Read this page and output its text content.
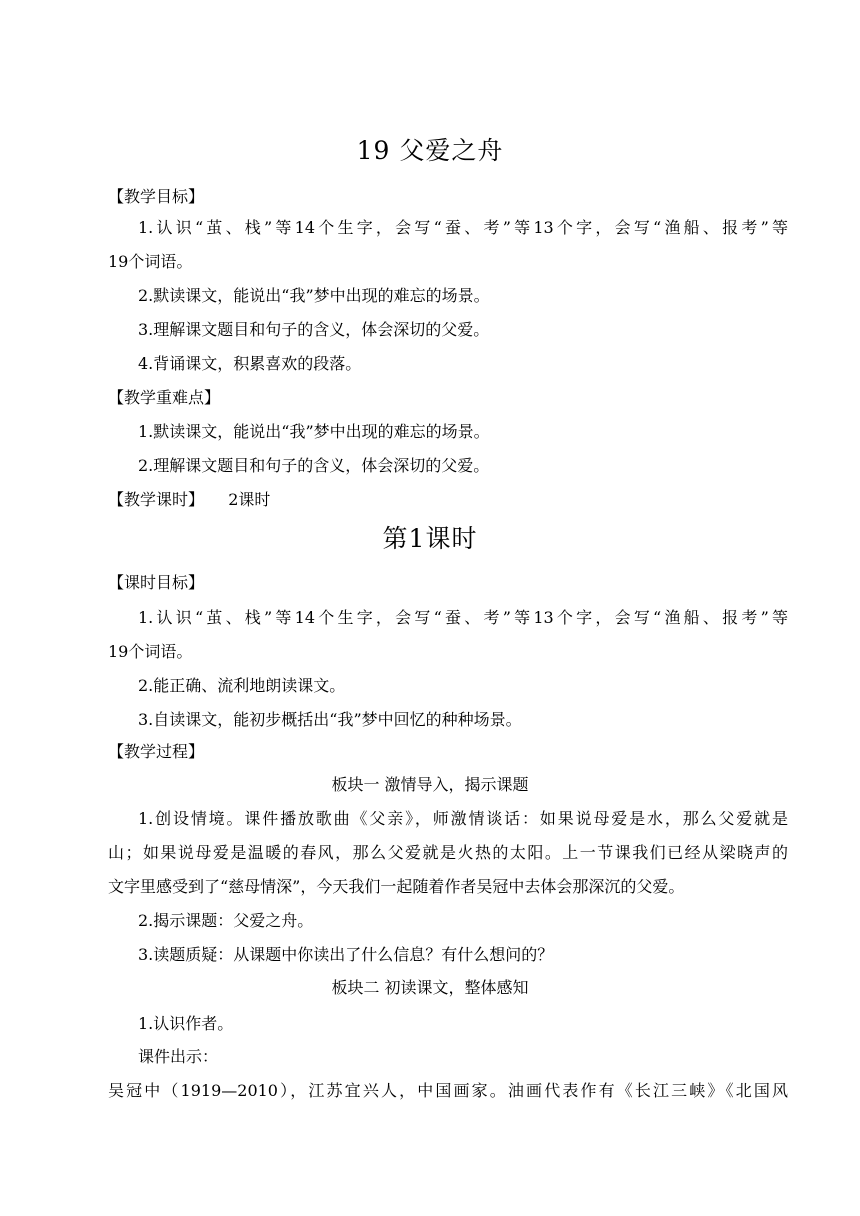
19 父爱之舟
【教学目标】
1.认识“茧、栈”等14个生字，会写“蚕、考”等13个字，会写“渔船、报考”等
19个词语。
2.默读课文，能说出“我”梦中出现的难忘的场景。
3.理解课文题目和句子的含义，体会深切的父爱。
4.背诵课文，积累喜欢的段落。
【教学重难点】
1.默读课文，能说出“我”梦中出现的难忘的场景。
2.理解课文题目和句子的含义，体会深切的父爱。
【教学课时】 2课时
第1课时
【课时目标】
1.认识“茧、栈”等14个生字，会写“蚕、考”等13个字，会写“渔船、报考”等
19个词语。
2.能正确、流利地朗读课文。
3.自读课文，能初步概括出“我”梦中回忆的种种场景。
【教学过程】
板块一 激情导入，揭示课题
1.创设情境。课件播放歌曲《父亲》，师激情谈话：如果说母爱是水，那么父爱就是
山；如果说母爱是温暖的春风，那么父爱就是火热的太阳。上一节课我们已经从梁晓声的
文字里感受到了“慈母情深”，今天我们一起随着作者吴冠中去体会那深沉的父爱。
2.揭示课题：父爱之舟。
3.读题质疑：从课题中你读出了什么信息？有什么想问的？
板块二 初读课文，整体感知
1.认识作者。
课件出示：
吴冠中（1919—2010），江苏宜兴人，中国画家。油画代表作有《长江三峡》《北国风
